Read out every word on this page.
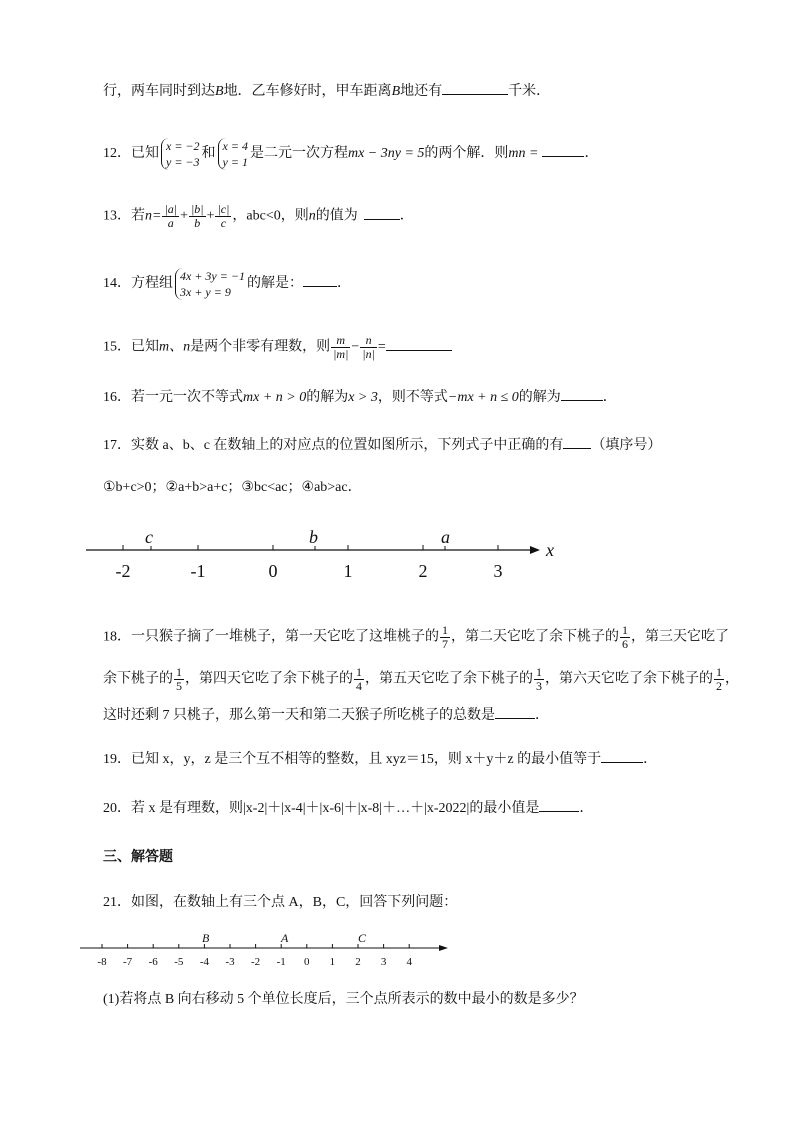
行，两车同时到达B地．乙车修好时，甲车距离B地还有	千米．
12．已知
x = −2
y = −3
和
x = 4
y = 1
是二元一次方程mx − 3ny = 5的两个解．则mn =	．
13．若$n= \frac{|a|}{a} + \frac{|b|}{b} + \frac{|c|}{c}$ ，abc<0，则n的值为	．
14．方程组
4x + 3y = −1
3x + y = 9
的解是： ．
15．已知m、n是两个非零有理数，则 $\frac{m}{|m|} - \frac{n}{|n|}$ =
16．若一元一次不等式mx + n > 0的解为x > 3，则不等式−mx + n ≤ 0的解为	．
17．实数 a、b、c 在数轴上的对应点的位置如图所示，下列式子中正确的有 （填序号）
①b+c>0；②a+b>a+c；③bc<ac；④ab>ac．
-2	-1	0	1	2	3
x
c	b	a
18．一只猴子摘了一堆桃子，第一天它吃了这堆桃子的 $\frac{1}{7}$ ，第二天它吃了余下桃子的 $\frac{1}{6}$ ，第三天它吃了
余下桃子的 $\frac{1}{5}$ ，第四天它吃了余下桃子的 $\frac{1}{4}$ ，第五天它吃了余下桃子的 $\frac{1}{3}$ ，第六天它吃了余下桃子的 $\frac{1}{2}$ ，
这时还剩 7 只桃子，那么第一天和第二天猴子所吃桃子的总数是	．
19．已知 x，y，z 是三个互不相等的整数，且 xyz＝15，则 x＋y＋z 的最小值等于	．
20．若 x 是有理数，则|x-2|＋|x-4|＋|x-6|＋|x-8|＋…＋|x-2022|的最小值是	．
三、解答题
21．如图，在数轴上有三个点 A，B，C，回答下列问题：
-8 -7 -6 -5 -4 -3 -2 -1 0 1 2 3 4
B	A	C
(1)若将点 B 向右移动 5 个单位长度后，三个点所表示的数中最小的数是多少？
